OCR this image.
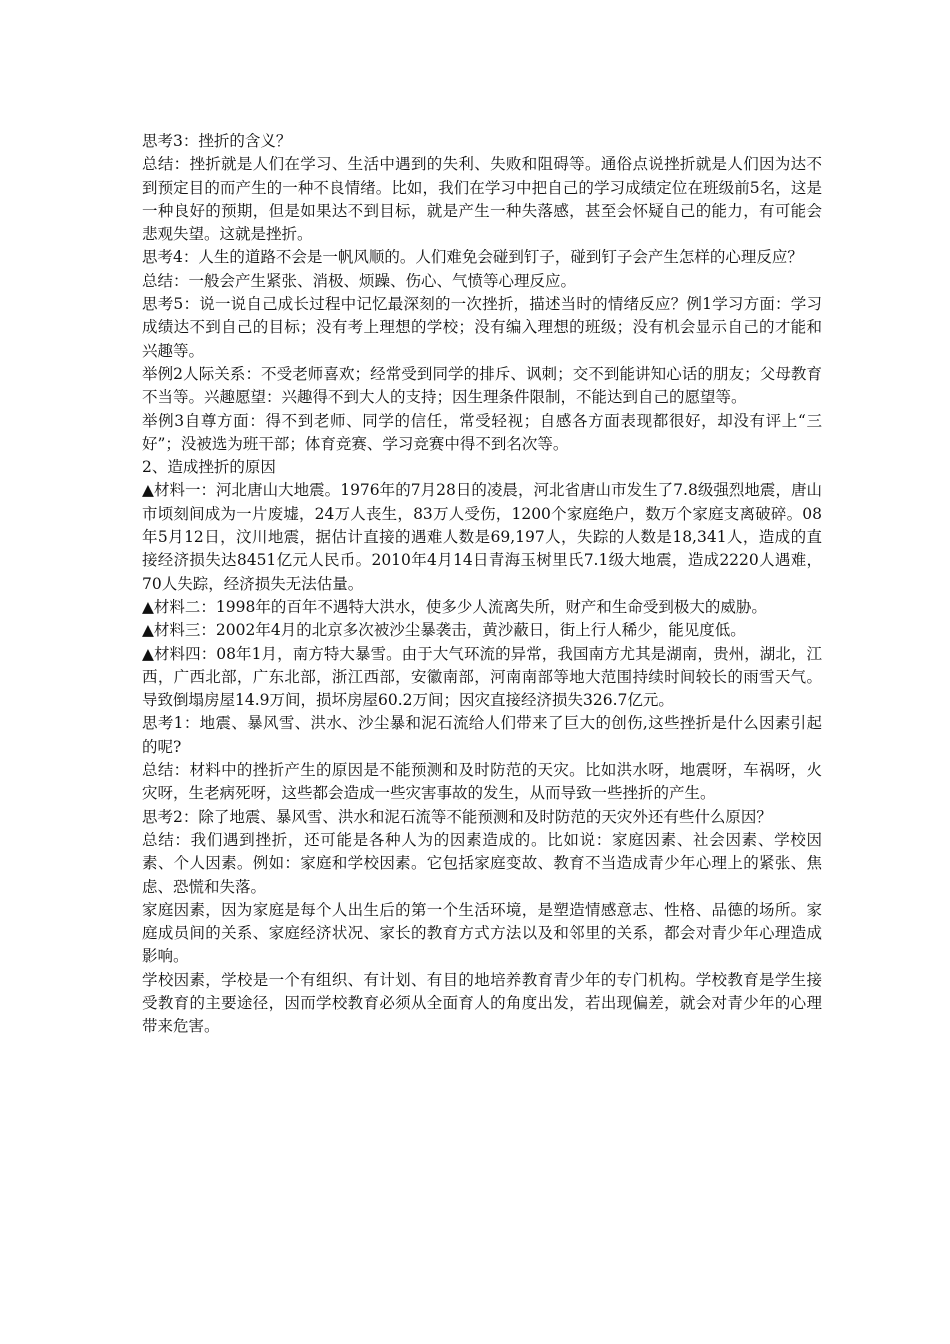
思考3：挫折的含义？

总结：挫折就是人们在学习、生活中遇到的失利、失败和阻碍等。通俗点说挫折就是人们因为达不到预定目的而产生的一种不良情绪。比如，我们在学习中把自己的学习成绩定位在班级前5名，这是一种良好的预期，但是如果达不到目标，就是产生一种失落感，甚至会怀疑自己的能力，有可能会悲观失望。这就是挫折。

思考4：人生的道路不会是一帆风顺的。人们难免会碰到钉子，碰到钉子会产生怎样的心理反应？

总结：一般会产生紧张、消极、烦躁、伤心、气愤等心理反应。

思考5：说一说自己成长过程中记忆最深刻的一次挫折，描述当时的情绪反应？例1学习方面：学习成绩达不到自己的目标；没有考上理想的学校；没有编入理想的班级；没有机会显示自己的才能和兴趣等。

举例2人际关系：不受老师喜欢；经常受到同学的排斥、讽刺；交不到能讲知心话的朋友；父母教育不当等。兴趣愿望：兴趣得不到大人的支持；因生理条件限制，不能达到自己的愿望等。

举例3自尊方面：得不到老师、同学的信任，常受轻视；自感各方面表现都很好，却没有评上“三好”；没被选为班干部；体育竞赛、学习竞赛中得不到名次等。

2、造成挫折的原因

▲材料一：河北唐山大地震。1976年的7月28日的凌晨，河北省唐山市发生了7.8级强烈地震，唐山市顷刻间成为一片废墟，24万人丧生，83万人受伤，1200个家庭绝户，数万个家庭支离破碎。08年5月12日，汶川地震，据估计直接的遇难人数是69,197人，失踪的人数是18,341人，造成的直接经济损失达8451亿元人民币。2010年4月14日青海玉树里氏7.1级大地震，造成2220人遇难，70人失踪，经济损失无法估量。

▲材料二：1998年的百年不遇特大洪水，使多少人流离失所，财产和生命受到极大的威胁。

▲材料三：2002年4月的北京多次被沙尘暴袭击，黄沙蔽日，街上行人稀少，能见度低。

▲材料四：08年1月，南方特大暴雪。由于大气环流的异常，我国南方尤其是湖南，贵州，湖北，江西，广西北部，广东北部，浙江西部，安徽南部，河南南部等地大范围持续时间较长的雨雪天气。导致倒塌房屋14.9万间，损坏房屋60.2万间；因灾直接经济损失326.7亿元。

思考1：地震、暴风雪、洪水、沙尘暴和泥石流给人们带来了巨大的创伤,这些挫折是什么因素引起的呢?

总结：材料中的挫折产生的原因是不能预测和及时防范的天灾。比如洪水呀，地震呀，车祸呀，火灾呀，生老病死呀，这些都会造成一些灾害事故的发生，从而导致一些挫折的产生。

思考2：除了地震、暴风雪、洪水和泥石流等不能预测和及时防范的天灾外还有些什么原因？

总结：我们遇到挫折，还可能是各种人为的因素造成的。比如说：家庭因素、社会因素、学校因素、个人因素。例如：家庭和学校因素。它包括家庭变故、教育不当造成青少年心理上的紧张、焦虑、恐慌和失落。

家庭因素，因为家庭是每个人出生后的第一个生活环境，是塑造情感意志、性格、品德的场所。家庭成员间的关系、家庭经济状况、家长的教育方式方法以及和邻里的关系，都会对青少年心理造成影响。

学校因素，学校是一个有组织、有计划、有目的地培养教育青少年的专门机构。学校教育是学生接受教育的主要途径，因而学校教育必须从全面育人的角度出发，若出现偏差，就会对青少年的心理带来危害。
